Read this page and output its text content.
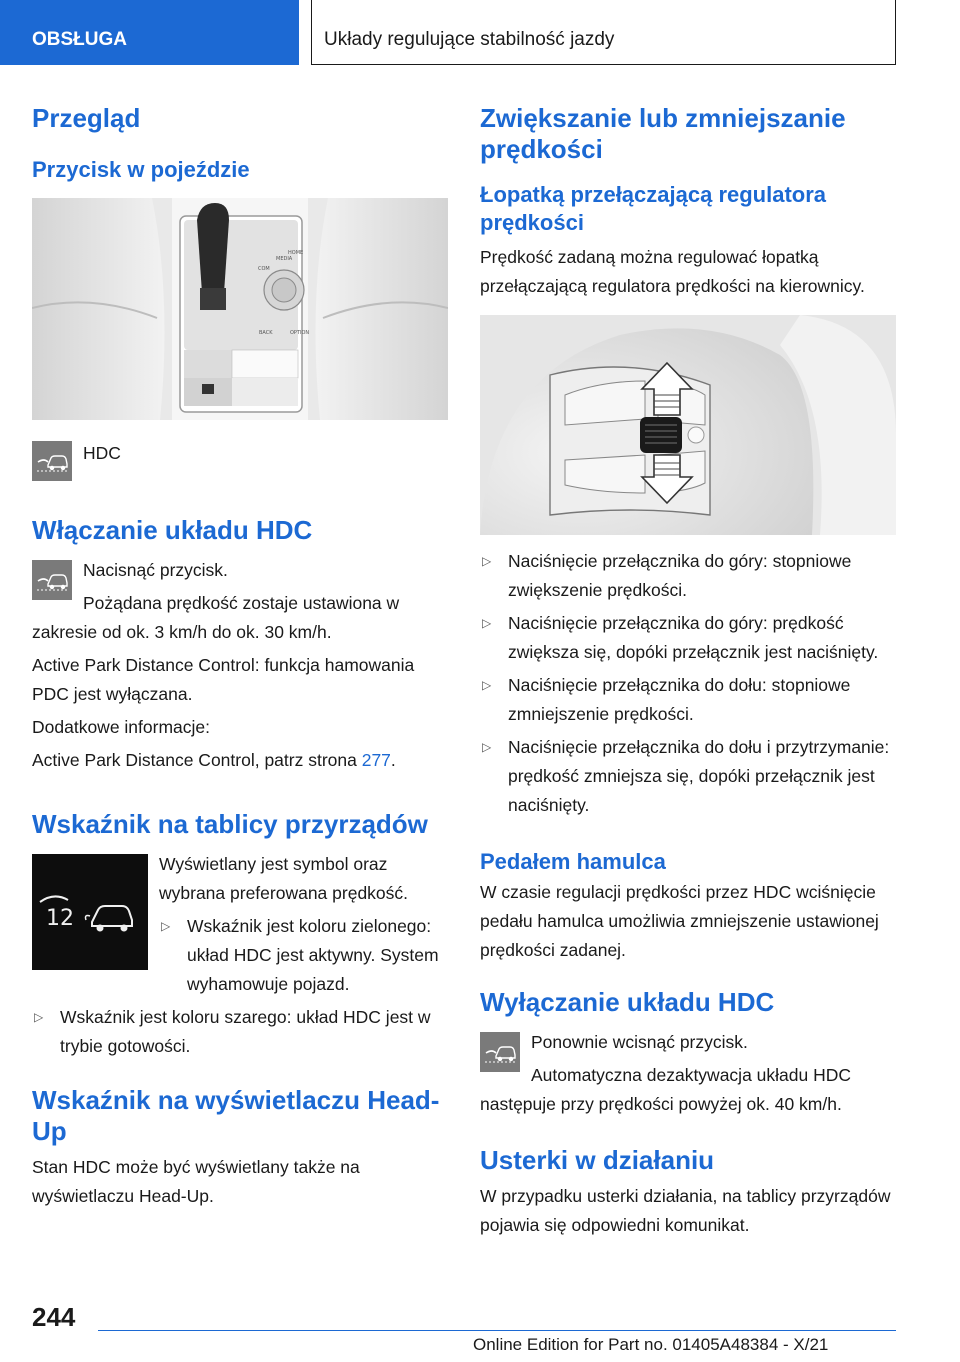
OBSŁUGA	Układy regulujące stabilność jazdy
Przegląd
Przycisk w pojeździe
COM
MEDIA
HOME
BACK	OPTION

HDC

Włączanie układu HDC

Nacisnąć przycisk.

Pożądana prędkość zostaje ustawiona w zakresie od ok. 3 km/h do ok. 30 km/h.

Active Park Distance Control: funkcja hamowania PDC jest wyłączana.

Dodatkowe informacje:

Active Park Distance Control, patrz strona 277.

Wskaźnik na tablicy przyrządów
12

Wyświetlany jest symbol oraz wybrana preferowana prędkość.

▷ Wskaźnik jest koloru zielonego: układ HDC jest aktywny. System wyhamowuje pojazd.
▷ Wskaźnik jest koloru szarego: układ HDC jest w trybie gotowości.
Wskaźnik na wyświetlaczu Head-Up

Stan HDC może być wyświetlany także na wyświetlaczu Head-Up.

Zwiększanie lub zmniejszanie prędkości
Łopatką przełączającą regulatora prędkości

Prędkość zadaną można regulować łopatką przełączającą regulatora prędkości na kierownicy.

▷ Naciśnięcie przełącznika do góry: stopniowe zwiększenie prędkości.
▷ Naciśnięcie przełącznika do góry: prędkość zwiększa się, dopóki przełącznik jest naciśnięty.
▷ Naciśnięcie przełącznika do dołu: stopniowe zmniejszenie prędkości.
▷ Naciśnięcie przełącznika do dołu i przytrzymanie: prędkość zmniejsza się, dopóki przełącznik jest naciśnięty.
Pedałem hamulca

W czasie regulacji prędkości przez HDC wciśnięcie pedału hamulca umożliwia zmniejszenie ustawionej prędkości zadanej.

Wyłączanie układu HDC

Ponownie wcisnąć przycisk.

Automatyczna dezaktywacja układu HDC następuje przy prędkości powyżej ok. 40 km/h.

Usterki w działaniu

W przypadku usterki działania, na tablicy przyrządów pojawia się odpowiedni komunikat.

244
Online Edition for Part no. 01405A48384 - X/21
